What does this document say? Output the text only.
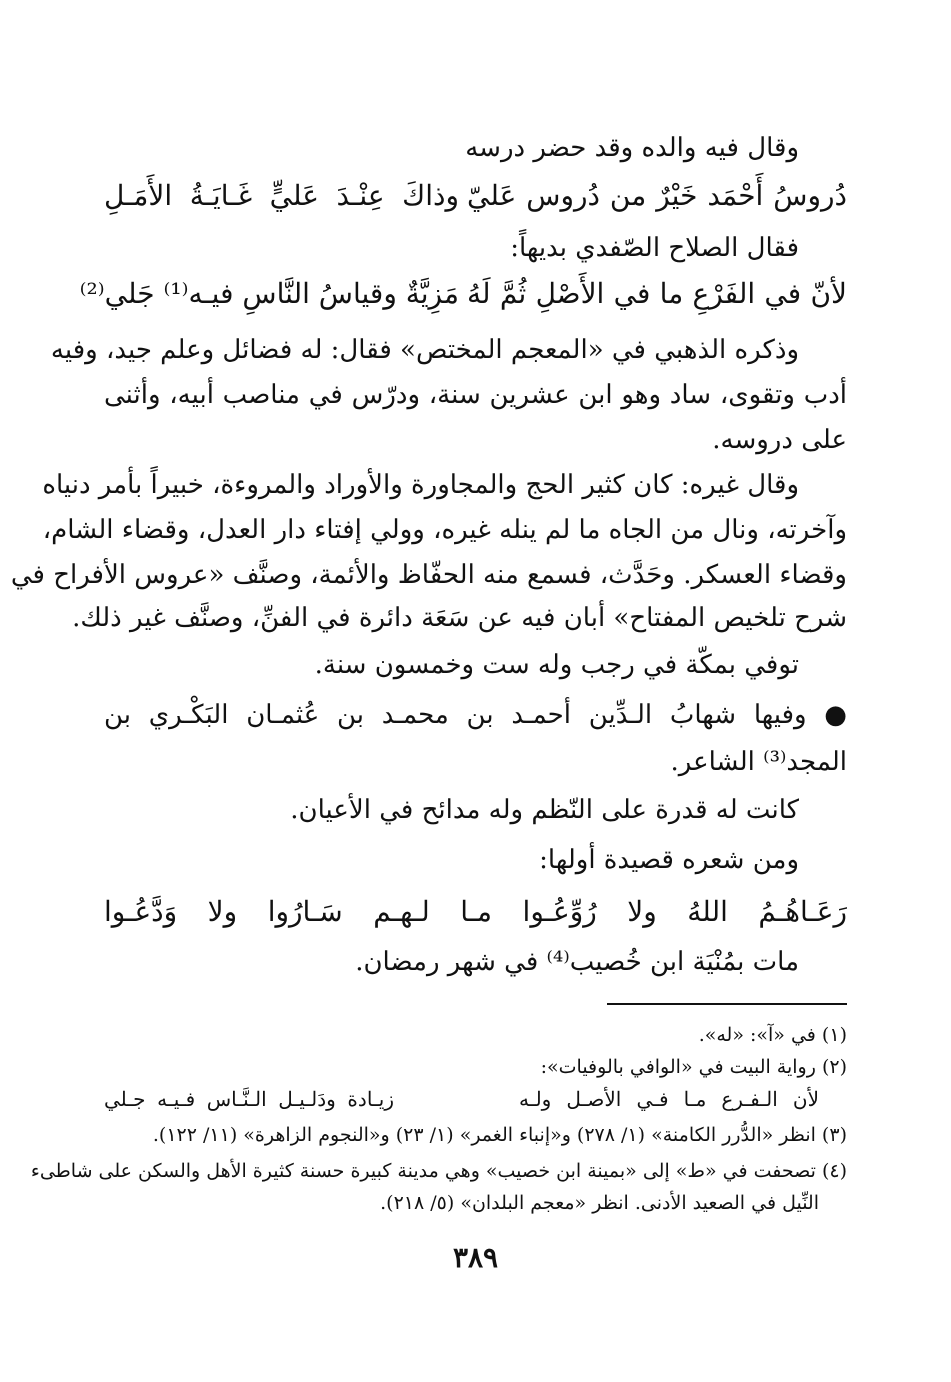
وقال فيه والده وقد حضر درسه
دُروسُ أَحْمَد خَيْرٌ من دُروس عَليّ
وذاكَ عِنْـدَ عَليٍّ غَـايَـةُ الأَمَـلِ
فقال الصلاح الصّفدي بديهاً:
لأنّ في الفَرْعِ ما في الأَصْلِ ثُمَّ لَهُ
مَزِيَّةٌ وقياسُ النَّاسِ فيـه⁽¹⁾ جَلي⁽²⁾
وذكره الذهبي في «المعجم المختص» فقال: له فضائل وعلم جيد، وفيه
أدب وتقوى، ساد وهو ابن عشرين سنة، ودرّس في مناصب أبيه، وأثنى
على دروسه.
وقال غيره: كان كثير الحج والمجاورة والأوراد والمروءة، خبيراً بأمر دنياه
وآخرته، ونال من الجاه ما لم ينله غيره، وولي إفتاء دار العدل، وقضاء الشام،
وقضاء العسكر. وحَدَّث، فسمع منه الحفّاظ والأئمة، وصنَّف «عروس الأفراح في
شرح تلخيص المفتاح» أبان فيه عن سَعَة دائرة في الفنِّ، وصنَّف غير ذلك.
توفي بمكّة في رجب وله ست وخمسون سنة.
● وفيها شهابُ الـدِّين أحمـد بن محمـد بن عُثمـان البَكْـري بن
المجد⁽³⁾ الشاعر.
كانت له قدرة على النّظم وله مدائح في الأعيان.
ومن شعره قصيدة أولها:
رَعَـاهُـمُ اللهُ ولا رُوِّعُـوا مـا لـهـم سَـارُوا ولا وَدَّعُـوا
مات بمُنْيَة ابن خُصيب⁽⁴⁾ في شهر رمضان.
(١) في «آ»: «له».
(٢) رواية البيت في «الوافي بالوفيات»:
لأن الـفـرع مـا فـي الأصـل ولـه
زيـادة ودَلـيـل الـنَّـاس فـيـه جـلي
(٣) انظر «الدُّرر الكامنة» (١/ ٢٧٨) و«إنباء الغمر» (١/ ٢٣) و«النجوم الزاهرة» (١١/ ١٢٢).
(٤) تصحفت في «ط» إلى «بمينة ابن خصيب» وهي مدينة كبيرة حسنة كثيرة الأهل والسكن على شاطىء
النِّيل في الصعيد الأدنى. انظر «معجم البلدان» (٥/ ٢١٨).
٣٨٩
